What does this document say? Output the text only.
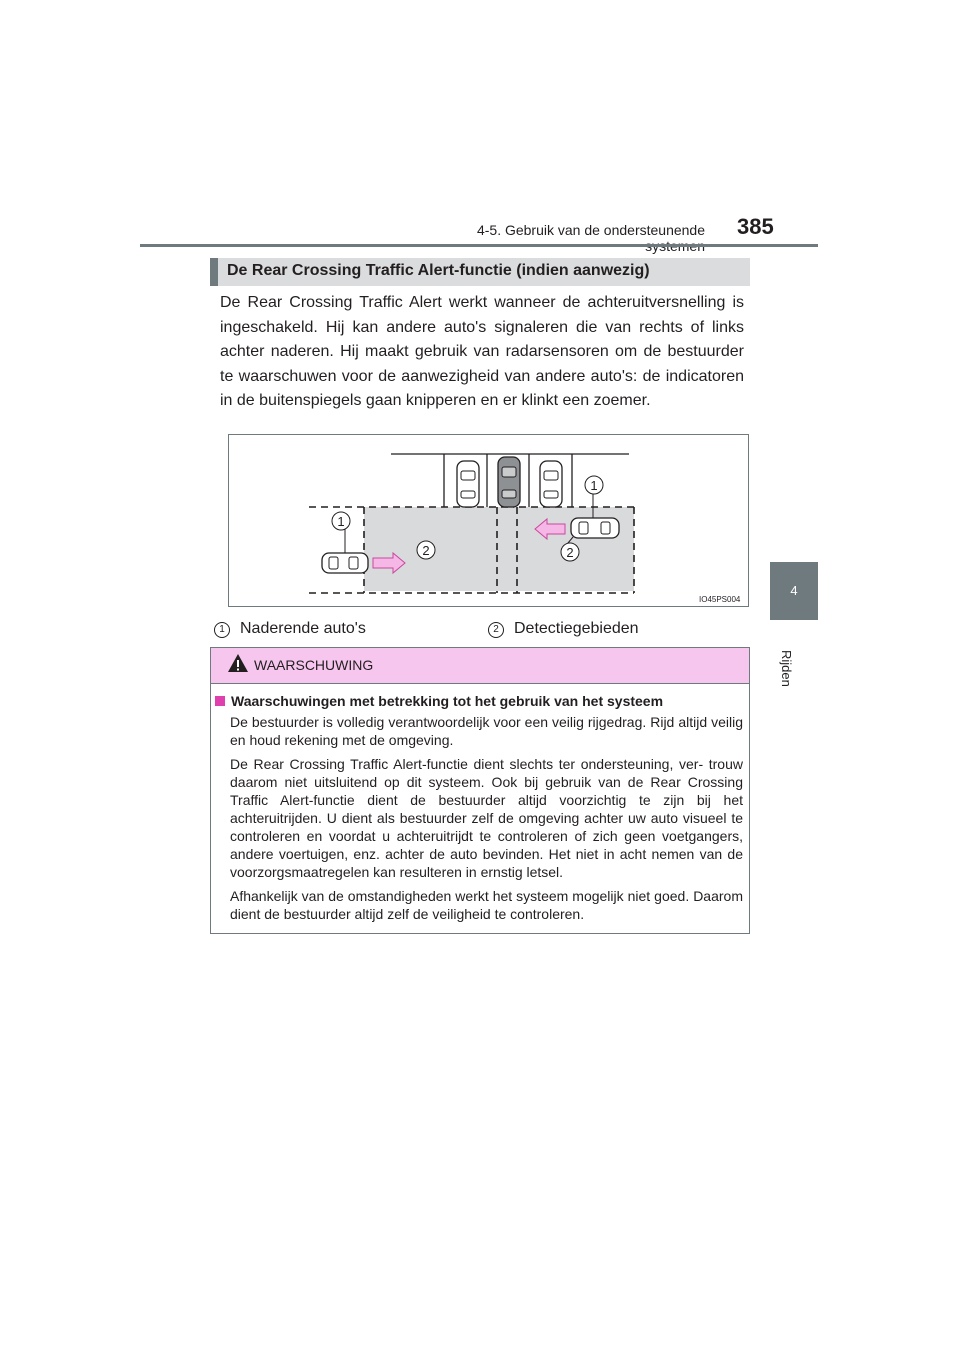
4-5. Gebruik van de ondersteunende 385
4
Rijden
De Rear Crossing Traffic Alert-functie (indien aanwezig)
De Rear Crossing Traffic Alert werkt wanneer de achteruitversnelling is ingeschakeld. Hij kan andere auto's signaleren die van rechts of links achter naderen. Hij maakt gebruik van radarsensoren om de bestuurder te waarschuwen voor de aanwezigheid van andere auto's: de indicatoren in de buitenspiegels gaan knipperen en er klinkt een zoemer.
1
1
2	2
IO45PS004
1 Naderende auto's	2 Detectiegebieden
WAARSCHUWING
Waarschuwingen met betrekking tot het gebruik van het systeem

De bestuurder is volledig verantwoordelijk voor een veilig rijgedrag. Rijd altijd veilig en houd rekening met de omgeving.

De Rear Crossing Traffic Alert-functie dient slechts ter ondersteuning, ver- trouw daarom niet uitsluitend op dit systeem. Ook bij gebruik van de Rear Crossing Traffic Alert-functie dient de bestuurder altijd voorzichtig te zijn bij het achteruitrijden. U dient als bestuurder zelf de omgeving achter uw auto visueel te controleren en voordat u achteruitrijdt te controleren of zich geen voetgangers, andere voertuigen, enz. achter de auto bevinden. Het niet in acht nemen van de voorzorgsmaatregelen kan resulteren in ernstig letsel.

Afhankelijk van de omstandigheden werkt het systeem mogelijk niet goed. Daarom dient de bestuurder altijd zelf de veiligheid te controleren.
